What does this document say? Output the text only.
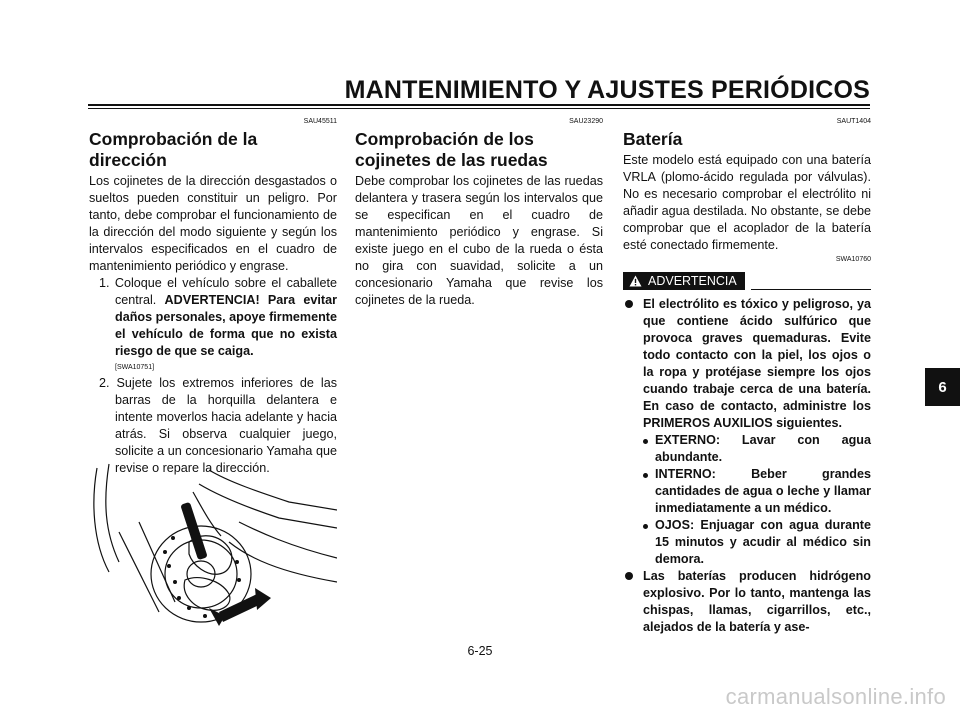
MANTENIMIENTO Y AJUSTES PERIÓDICOS
SAU45511
Comprobación de la dirección
Los cojinetes de la dirección desgastados o sueltos pueden constituir un peligro. Por tanto, debe comprobar el funcionamiento de la dirección del modo siguiente y según los intervalos especificados en el cuadro de mantenimiento periódico y engrase.
1. Coloque el vehículo sobre el caballete central. ADVERTENCIA! Para evitar daños personales, apoye firmemente el vehículo de forma que no exista riesgo de que se caiga.
[SWA10751]
2. Sujete los extremos inferiores de las barras de la horquilla delantera e intente moverlos hacia adelante y hacia atrás. Si observa cualquier juego, solicite a un concesionario Yamaha que revise o repare la dirección.
SAU23290
Comprobación de los cojinetes de las ruedas
Debe comprobar los cojinetes de las ruedas delantera y trasera según los intervalos que se especifican en el cuadro de mantenimiento periódico y engrase. Si existe juego en el cubo de la rueda o ésta no gira con suavidad, solicite a un concesionario Yamaha que revise los cojinetes de la rueda.
SAUT1404
Batería
Este modelo está equipado con una batería VRLA (plomo-ácido regulada por válvulas). No es necesario comprobar el electrólito ni añadir agua destilada. No obstante, se debe comprobar que el acoplador de la batería esté conectado firmemente.
SWA10760
ADVERTENCIA
El electrólito es tóxico y peligroso, ya que contiene ácido sulfúrico que provoca graves quemaduras. Evite todo contacto con la piel, los ojos o la ropa y protéjase siempre los ojos cuando trabaje cerca de una batería. En caso de contacto, administre los PRIMEROS AUXILIOS siguientes.
EXTERNO: Lavar con agua abundante.
INTERNO: Beber grandes cantidades de agua o leche y llamar inmediatamente a un médico.
OJOS: Enjuagar con agua durante 15 minutos y acudir al médico sin demora.
Las baterías producen hidrógeno explosivo. Por lo tanto, mantenga las chispas, llamas, cigarrillos, etc., alejados de la batería y ase-
6-25
6
carmanualsonline.info
